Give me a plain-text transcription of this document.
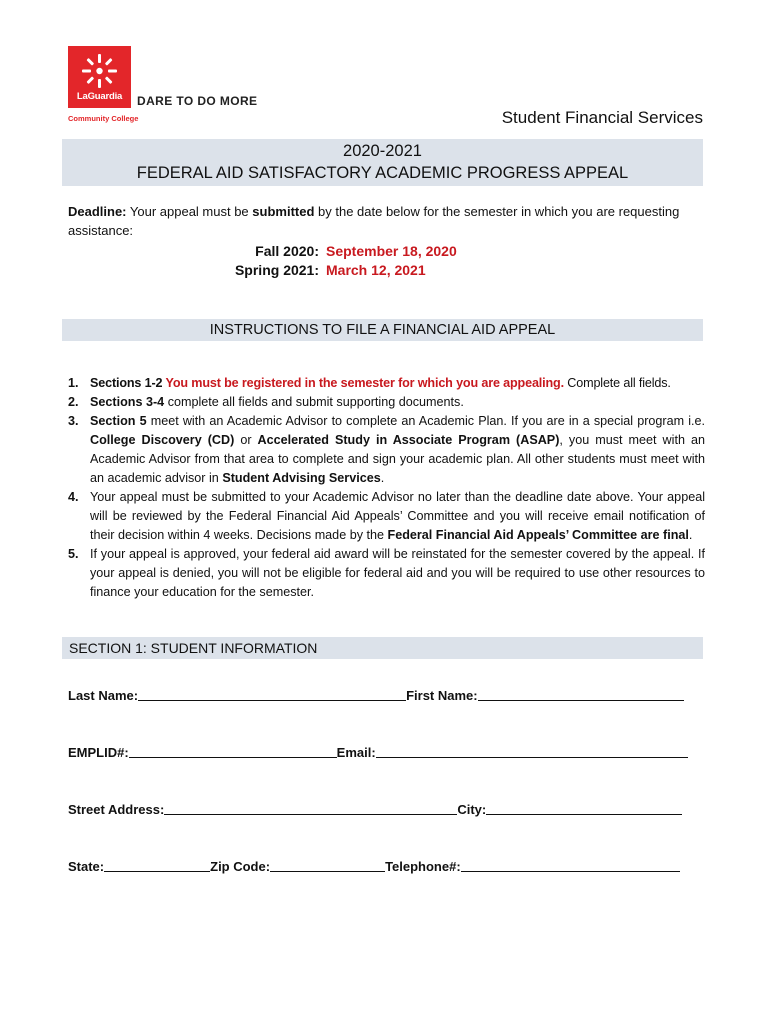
LaGuardia
Community College
DARE TO DO MORE
Student Financial Services
2020-2021
FEDERAL AID SATISFACTORY ACADEMIC PROGRESS APPEAL
Deadline: Your appeal must be submitted by the date below for the semester in which you are requesting assistance:
Fall 2020: September 18, 2020
Spring 2021: March 12, 2021
INSTRUCTIONS TO FILE A FINANCIAL AID APPEAL
1. Sections 1-2 You must be registered in the semester for which you are appealing. Complete all fields.
2. Sections 3-4 complete all fields and submit supporting documents.
3. Section 5 meet with an Academic Advisor to complete an Academic Plan. If you are in a special program i.e. College Discovery (CD) or Accelerated Study in Associate Program (ASAP), you must meet with an Academic Advisor from that area to complete and sign your academic plan. All other students must meet with an academic advisor in Student Advising Services.
4. Your appeal must be submitted to your Academic Advisor no later than the deadline date above. Your appeal will be reviewed by the Federal Financial Aid Appeals’ Committee and you will receive email notification of their decision within 4 weeks. Decisions made by the Federal Financial Aid Appeals’ Committee are final.
5. If your appeal is approved, your federal aid award will be reinstated for the semester covered by the appeal. If your appeal is denied, you will not be eligible for federal aid and you will be required to use other resources to finance your education for the semester.
SECTION 1: STUDENT INFORMATION
Last Name:	First Name:
EMPLID#:	Email:
Street Address:	City:
State:	Zip Code:	Telephone#:
